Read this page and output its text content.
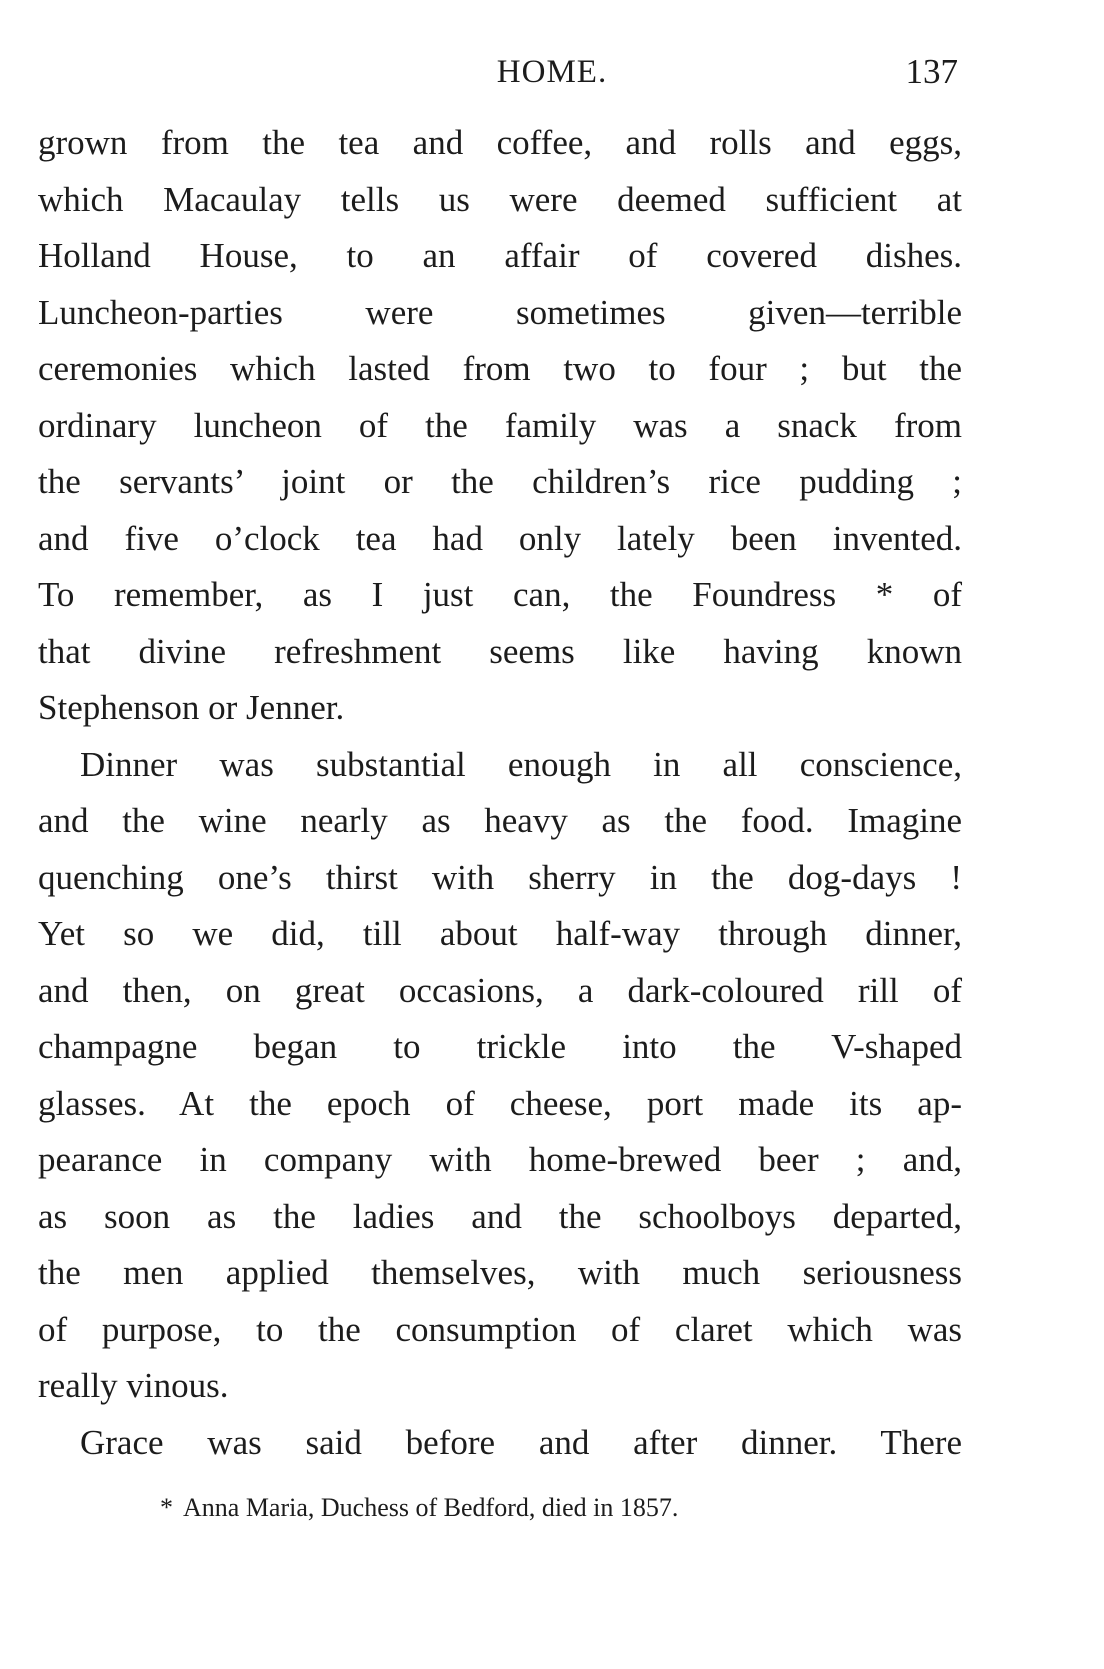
HOME.	137
grown from the tea and coffee, and rolls and eggs,
which Macaulay tells us were deemed sufficient at
Holland House, to an affair of covered dishes.
Luncheon-parties were sometimes given—terrible
ceremonies which lasted from two to four ; but the
ordinary luncheon of the family was a snack from
the servants’ joint or the children’s rice pudding ;
and five o’clock tea had only lately been invented.
To remember, as I just can, the Foundress * of
that divine refreshment seems like having known
Stephenson or Jenner.
Dinner was substantial enough in all conscience,
and the wine nearly as heavy as the food. Imagine
quenching one’s thirst with sherry in the dog-days !
Yet so we did, till about half-way through dinner,
and then, on great occasions, a dark-coloured rill of
champagne began to trickle into the V-shaped
glasses. At the epoch of cheese, port made its ap-
pearance in company with home-brewed beer ; and,
as soon as the ladies and the schoolboys departed,
the men applied themselves, with much seriousness
of purpose, to the consumption of claret which was
really vinous.
Grace was said before and after dinner. There
* Anna Maria, Duchess of Bedford, died in 1857.
